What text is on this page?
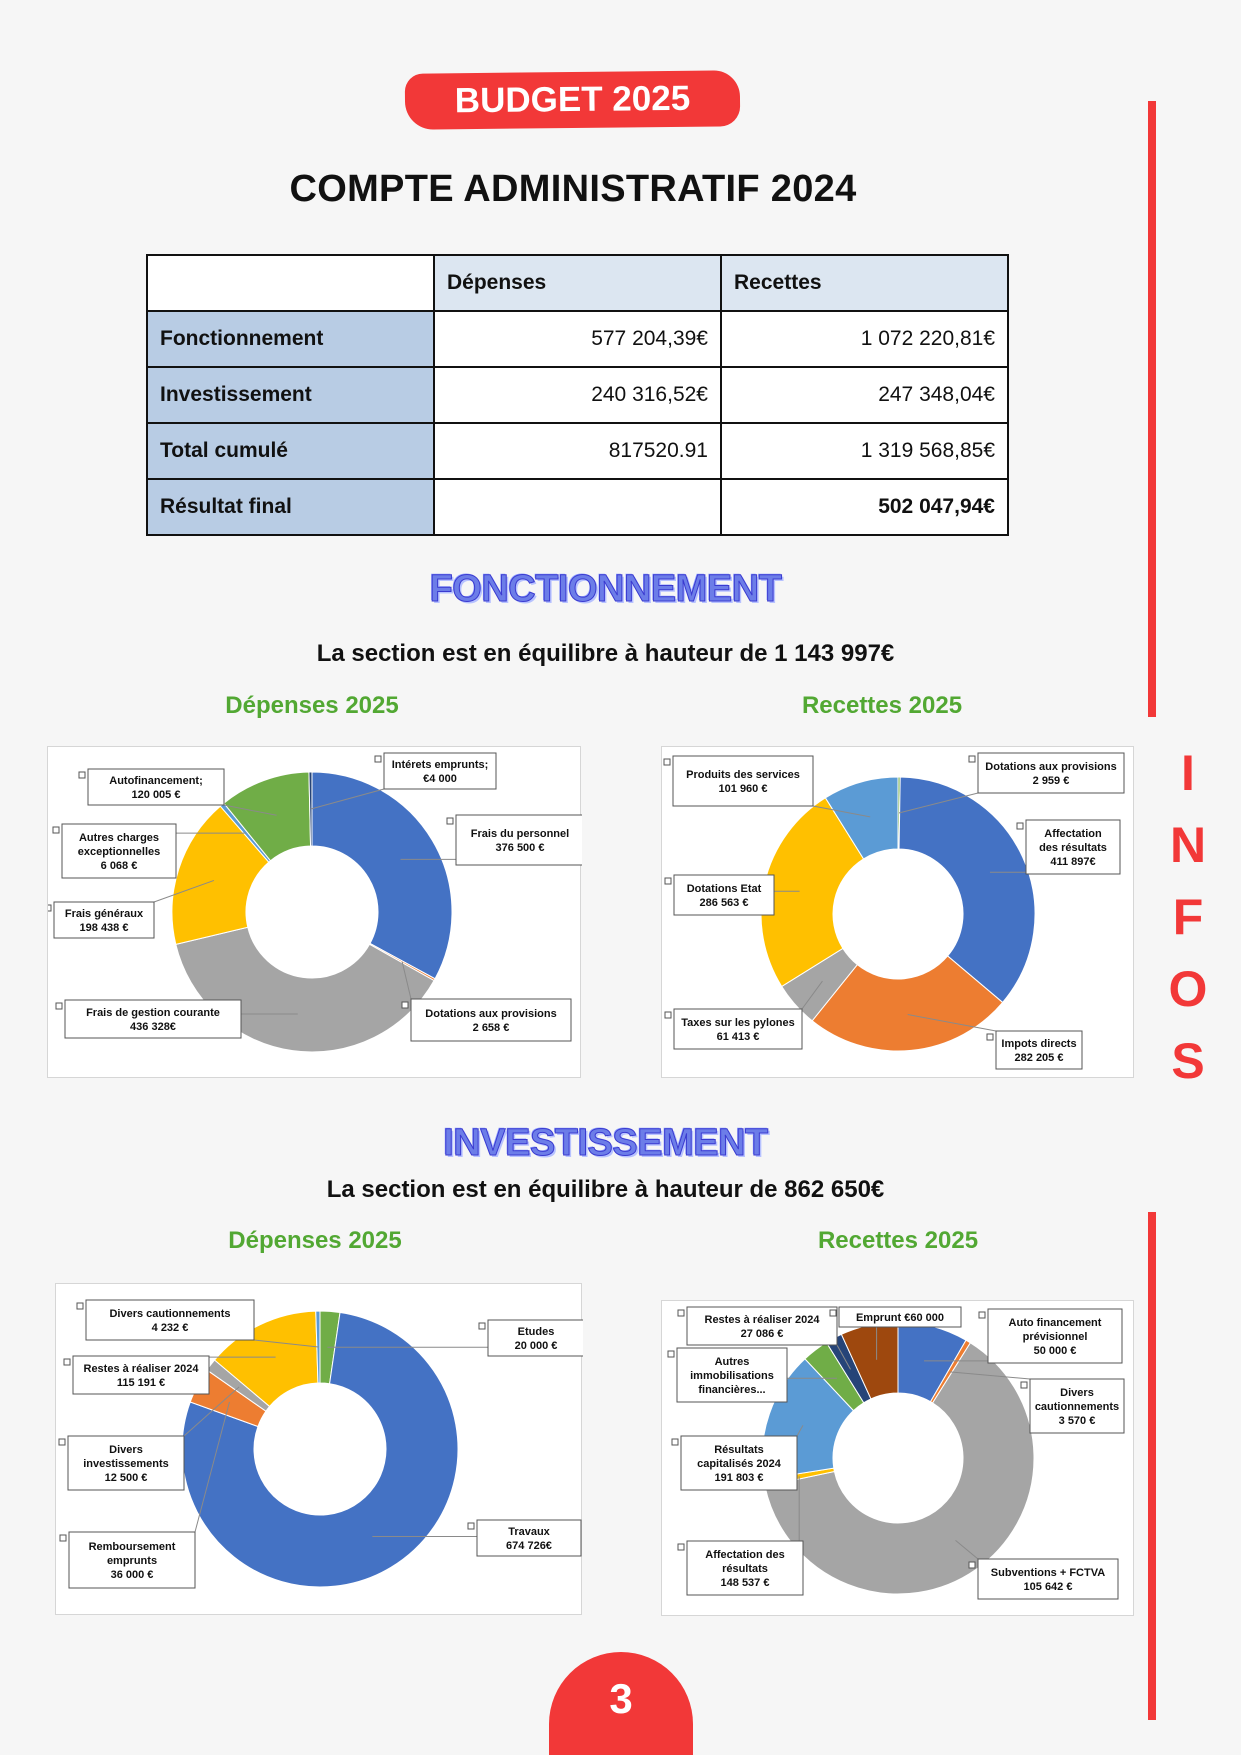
BUDGET 2025
COMPTE ADMINISTRATIF 2024
	Dépenses	Recettes
Fonctionnement	577 204,39€	1 072 220,81€
Investissement	240 316,52€	247 348,04€
Total cumulé	817520.91	1 319 568,85€
Résultat final		502 047,94€
FONCTIONNEMENT
La section est en équilibre à hauteur de 1 143 997€
Dépenses 2025	Recettes 2025
Frais du personnel
376 500 €
Dotations aux provisions
2 658 €
Frais de gestion courante
436 328€
Frais généraux
198 438 €
Autres charges
exceptionnelles
6 068 €
Autofinancement;
120 005 €
Intérets emprunts;
€4 000
Dotations aux provisions
2 959 €
Affectation
des résultats
411 897€
Impots directs
282 205 €
Taxes sur les pylones
61 413 €
Dotations Etat
286 563 €
Produits des services
101 960 €
INVESTISSEMENT
La section est en équilibre à hauteur de 862 650€
Dépenses 2025	Recettes 2025
Etudes
20 000 €
Travaux
674 726€
Remboursement
emprunts
36 000 €
Divers
investissements
12 500 €
Restes à réaliser 2024
115 191 €
Divers cautionnements
4 232 €	Auto financement
prévisionnel
50 000 €
Divers
cautionnements
3 570 €
Subventions + FCTVA
105 642 €
Affectation des
résultats
148 537 €
Résultats
capitalisés 2024
191 803 €
Autres
immobilisations
financières...
Restes à réaliser 2024
27 086 €
Emprunt €60 000
I
N
F
O
S
3
